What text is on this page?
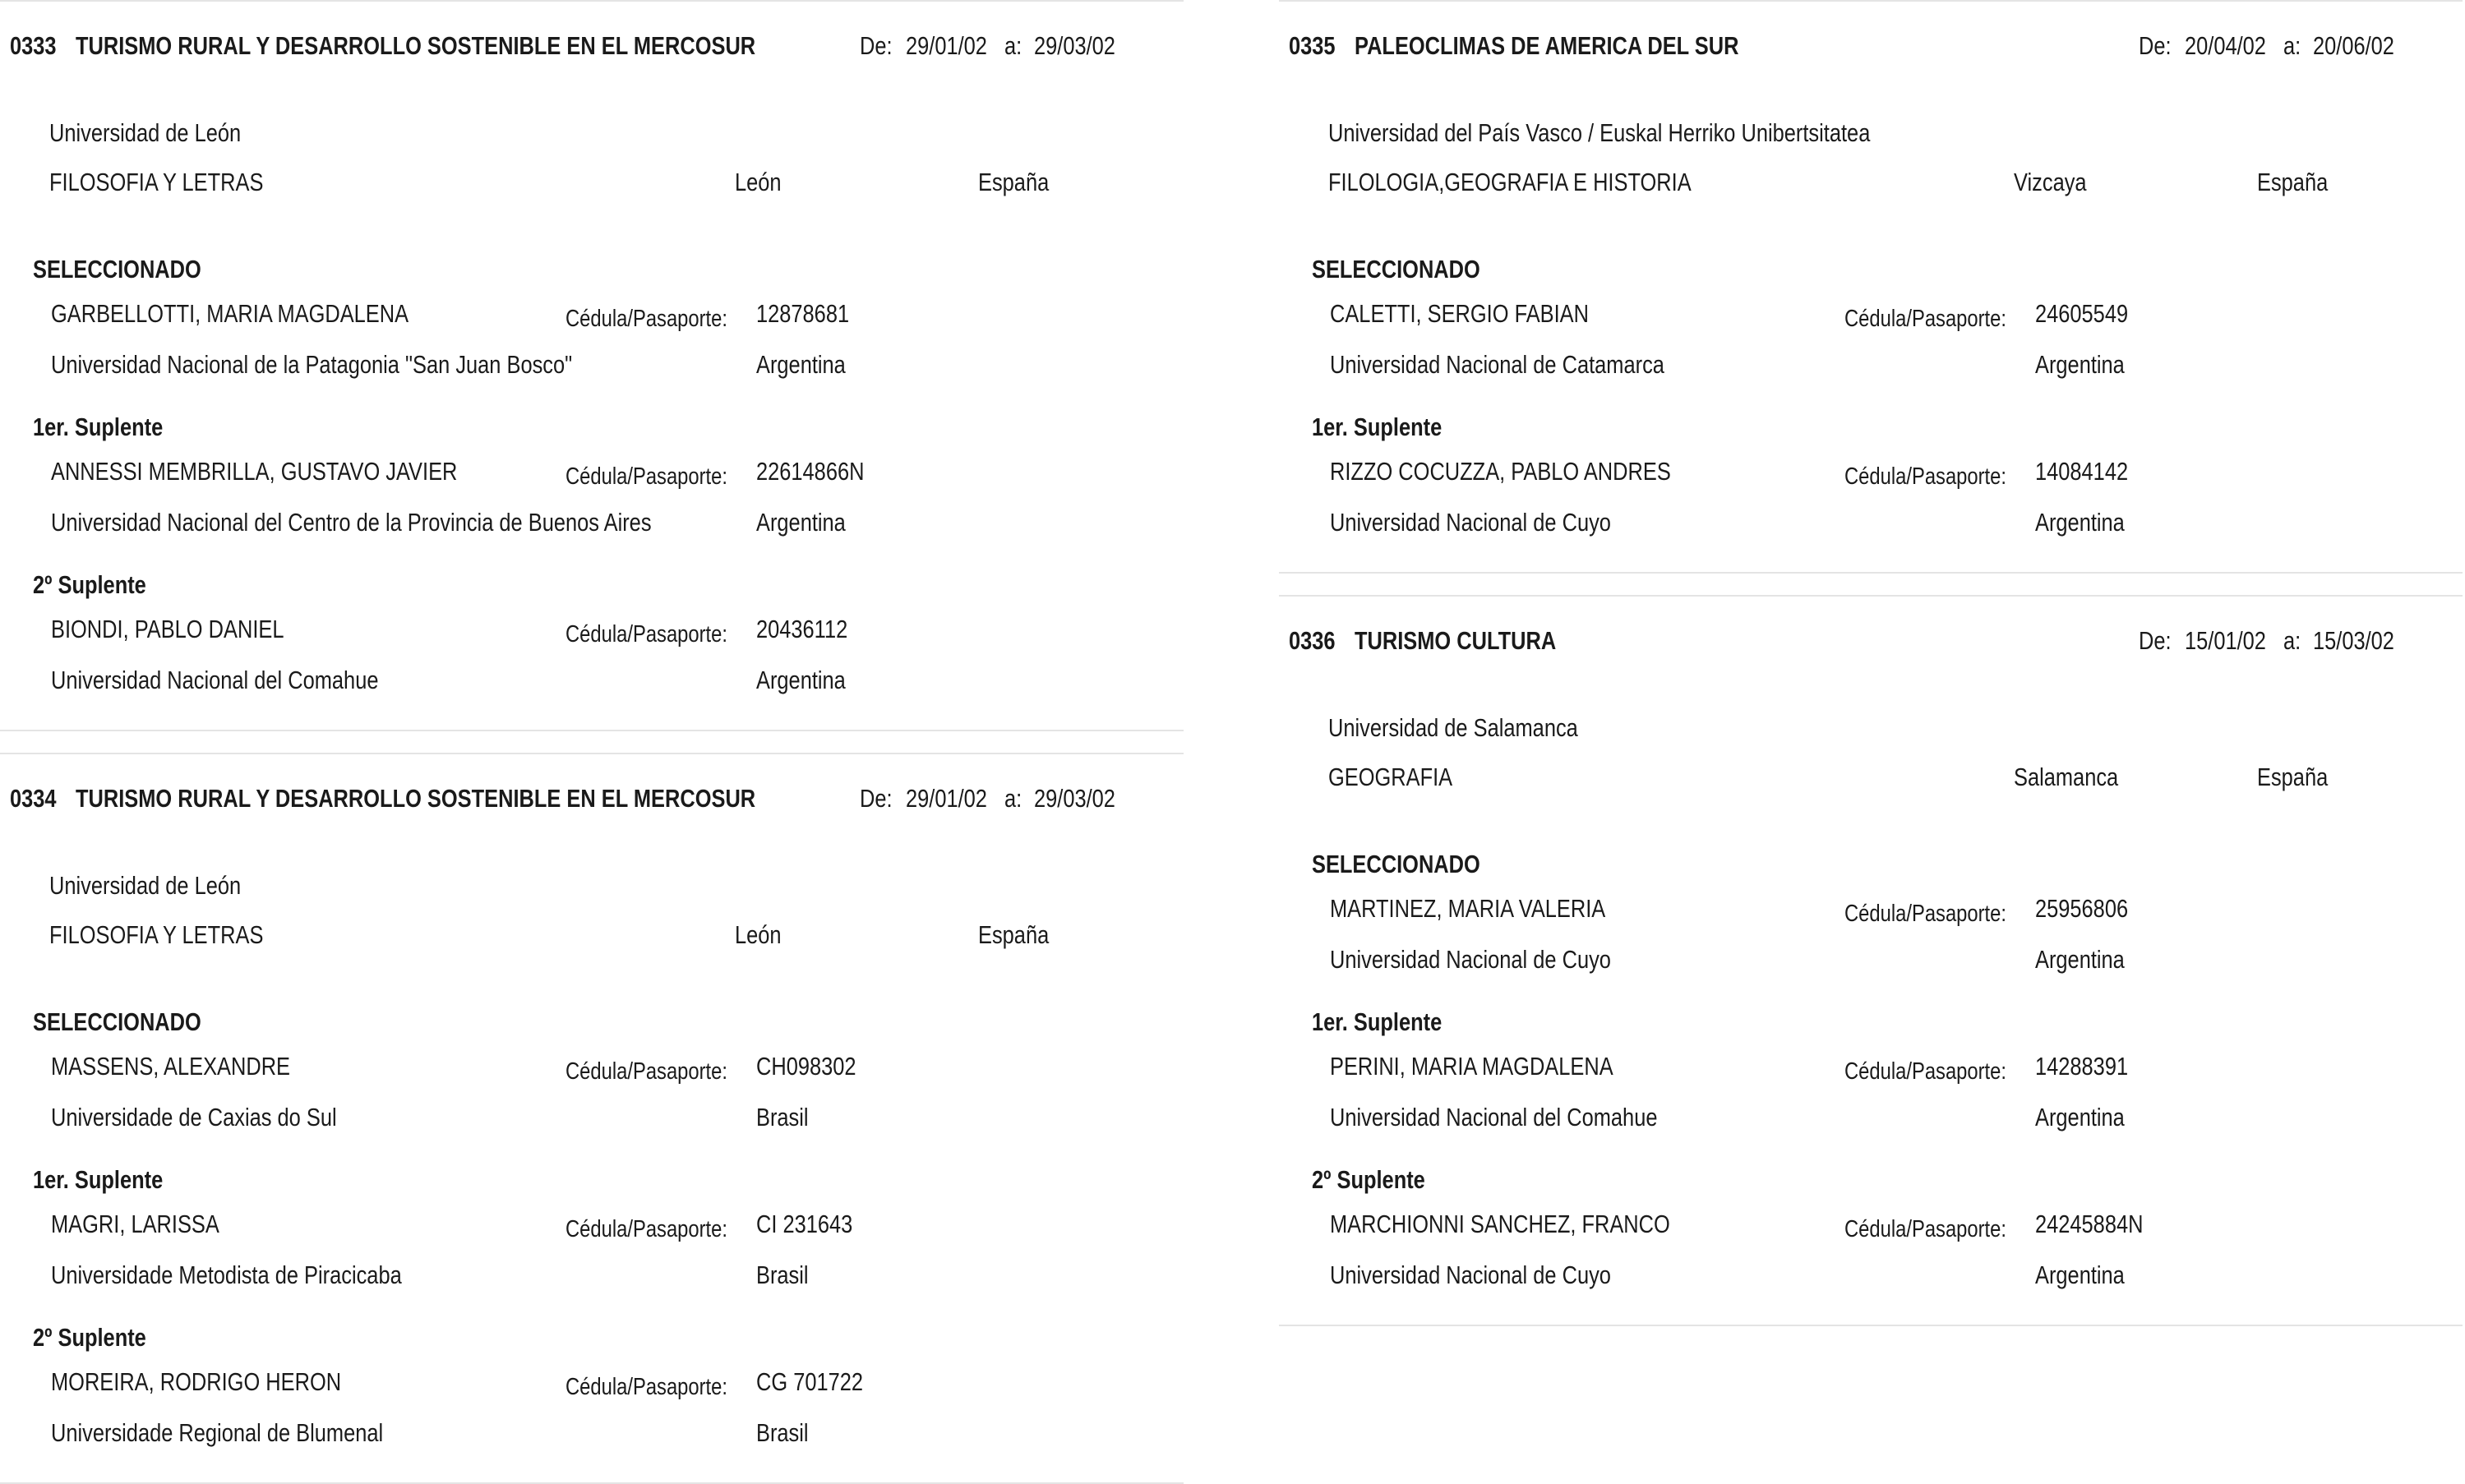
0333 TURISMO RURAL Y DESARROLLO SOSTENIBLE EN EL MERCOSUR	De: 29/01/02 a: 29/03/02
Universidad de León
FILOSOFIA Y LETRAS	León	España
SELECCIONADO
GARBELLOTTI, MARIA MAGDALENA	Cédula/Pasaporte: 12878681
Universidad Nacional de la Patagonia "San Juan Bosco"	Argentina
1er. Suplente
ANNESSI MEMBRILLA, GUSTAVO JAVIER	Cédula/Pasaporte: 22614866N
Universidad Nacional del Centro de la Provincia de Buenos Aires	Argentina
2º Suplente
BIONDI, PABLO DANIEL	Cédula/Pasaporte: 20436112
Universidad Nacional del Comahue	Argentina
0334 TURISMO RURAL Y DESARROLLO SOSTENIBLE EN EL MERCOSUR	De: 29/01/02 a: 29/03/02
Universidad de León
FILOSOFIA Y LETRAS	León	España
SELECCIONADO
MASSENS, ALEXANDRE	Cédula/Pasaporte: CH098302
Universidade de Caxias do Sul	Brasil
1er. Suplente
MAGRI, LARISSA	Cédula/Pasaporte: CI 231643
Universidade Metodista de Piracicaba	Brasil
2º Suplente
MOREIRA, RODRIGO HERON	Cédula/Pasaporte: CG 701722
Universidade Regional de Blumenal	Brasil
0335 PALEOCLIMAS DE AMERICA DEL SUR	De: 20/04/02 a: 20/06/02
Universidad del País Vasco / Euskal Herriko Unibertsitatea
FILOLOGIA,GEOGRAFIA E HISTORIA	Vizcaya	España
SELECCIONADO
CALETTI, SERGIO FABIAN	Cédula/Pasaporte: 24605549
Universidad Nacional de Catamarca	Argentina
1er. Suplente
RIZZO COCUZZA, PABLO ANDRES	Cédula/Pasaporte: 14084142
Universidad Nacional de Cuyo	Argentina
0336 TURISMO CULTURA	De: 15/01/02 a: 15/03/02
Universidad de Salamanca
GEOGRAFIA	Salamanca	España
SELECCIONADO
MARTINEZ, MARIA VALERIA	Cédula/Pasaporte: 25956806
Universidad Nacional de Cuyo	Argentina
1er. Suplente
PERINI, MARIA MAGDALENA	Cédula/Pasaporte: 14288391
Universidad Nacional del Comahue	Argentina
2º Suplente
MARCHIONNI SANCHEZ, FRANCO	Cédula/Pasaporte: 24245884N
Universidad Nacional de Cuyo	Argentina
